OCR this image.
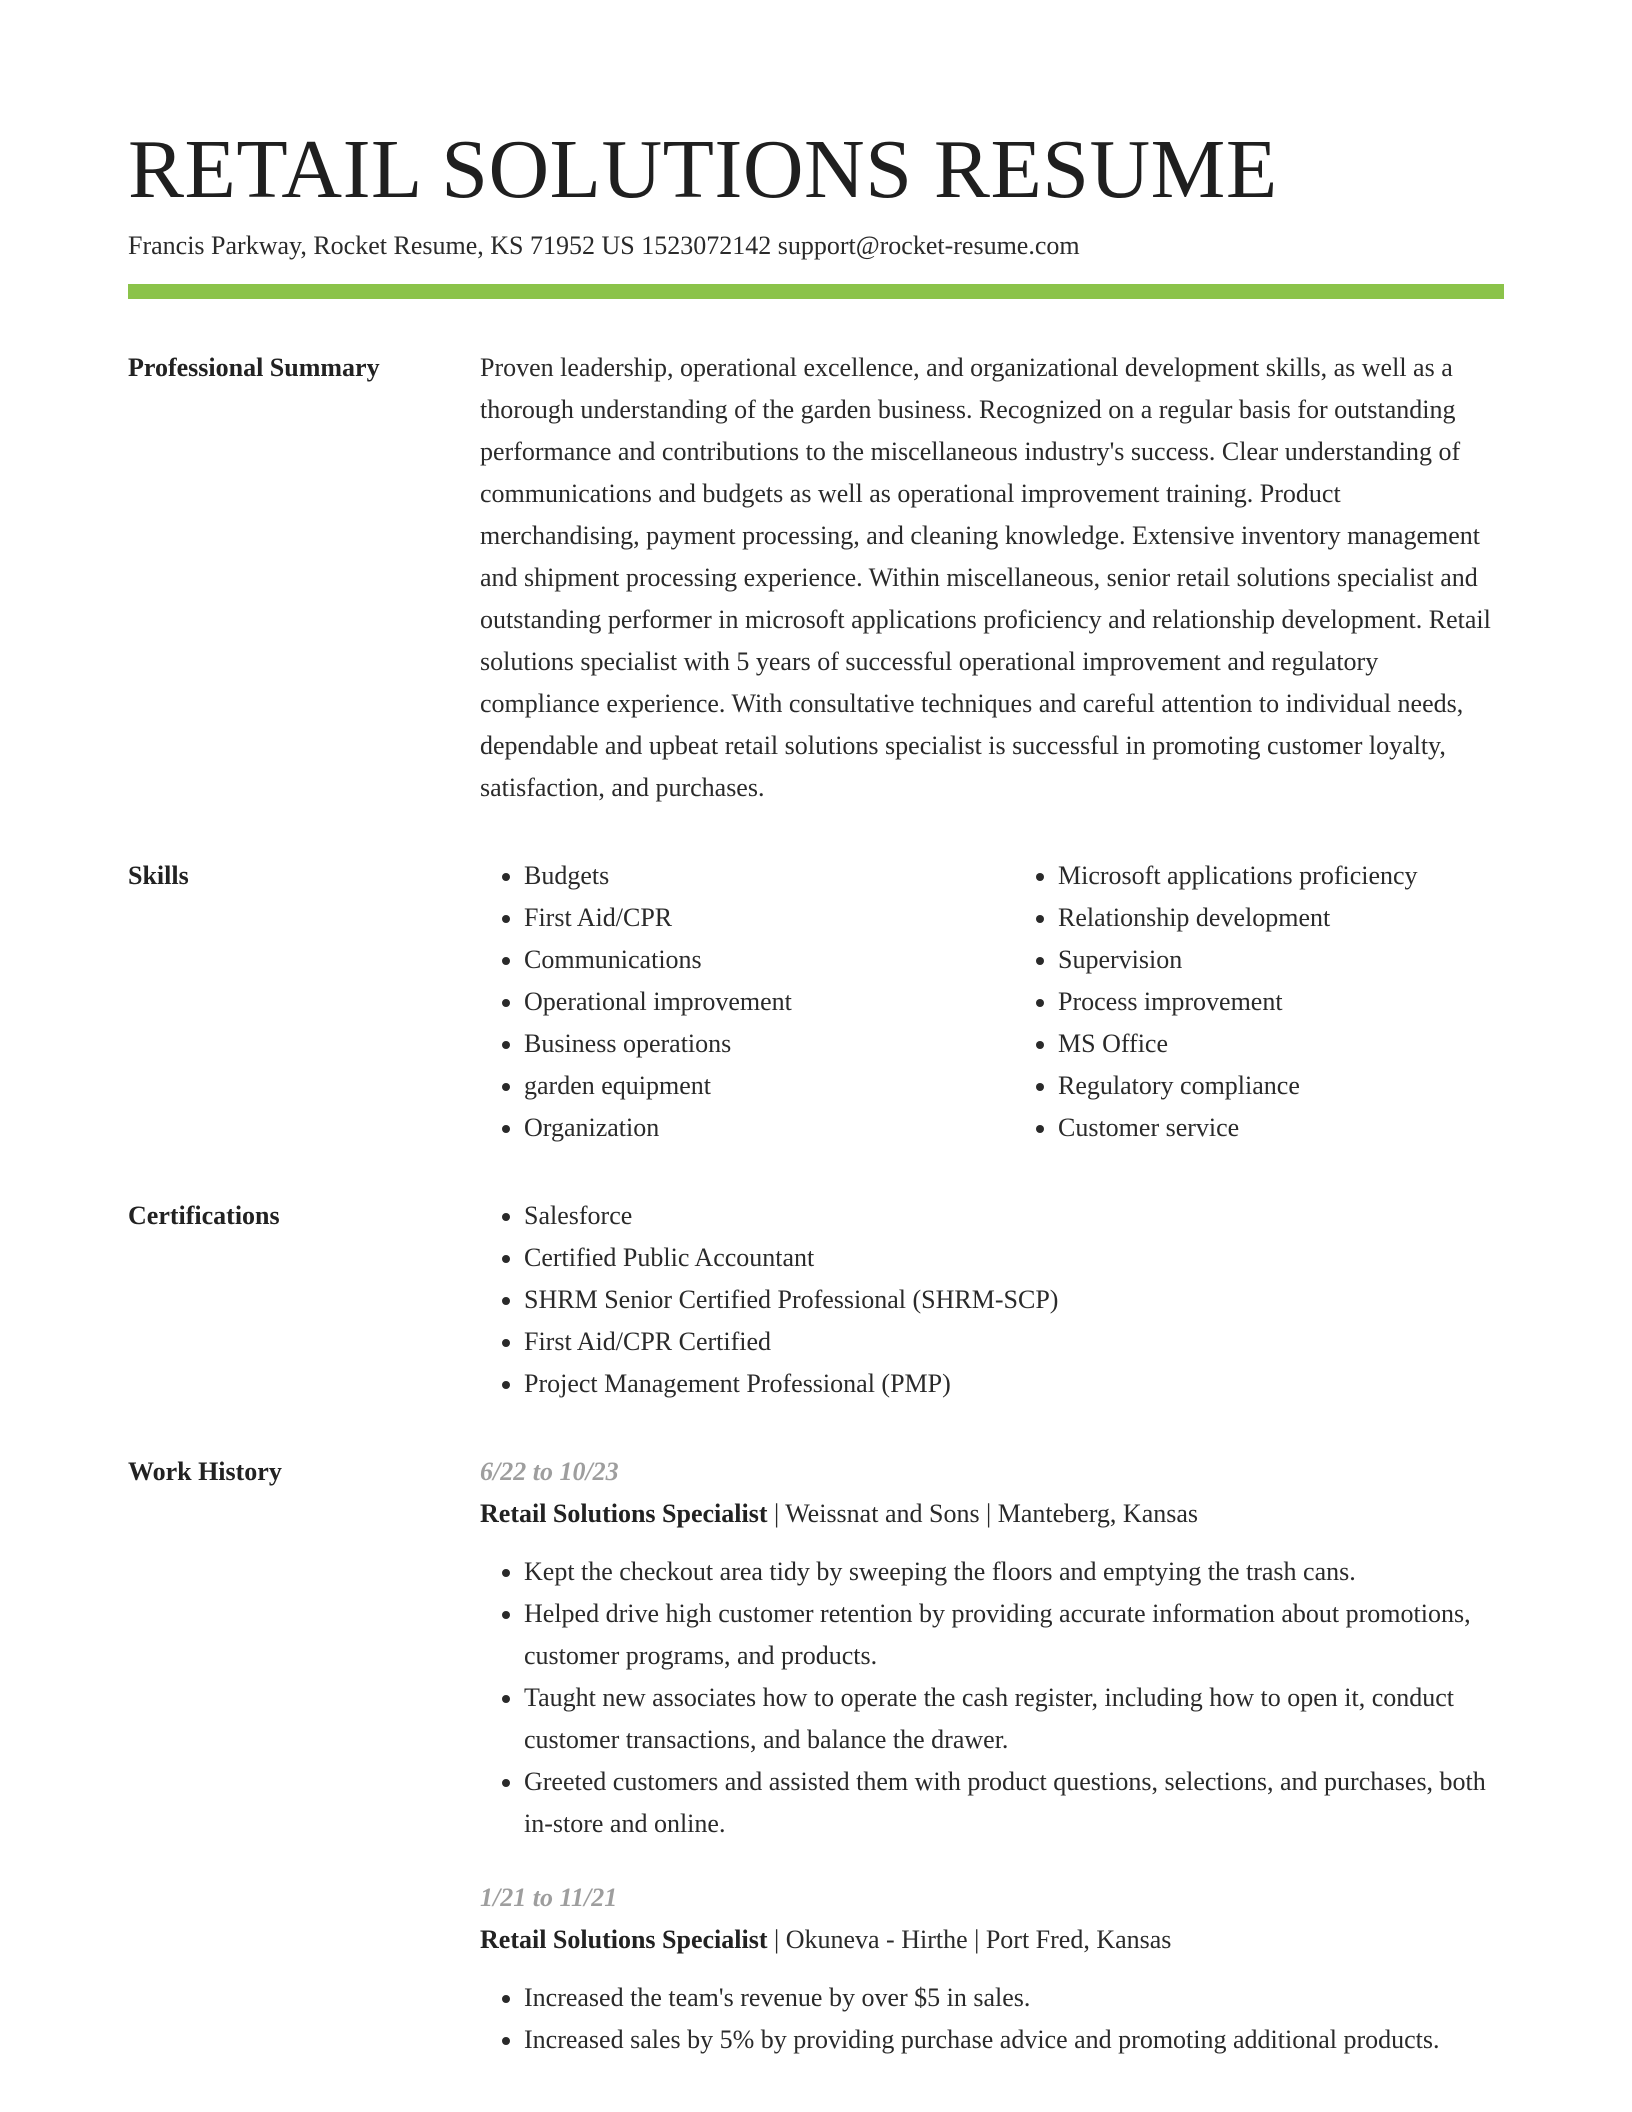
RETAIL SOLUTIONS RESUME
Francis Parkway, Rocket Resume, KS 71952 US 1523072142 support@rocket-resume.com
Professional Summary	Proven leadership, operational excellence, and organizational development skills, as well as a thorough understanding of the garden business. Recognized on a regular basis for outstanding performance and contributions to the miscellaneous industry's success. Clear understanding of communications and budgets as well as operational improvement training. Product merchandising, payment processing, and cleaning knowledge. Extensive inventory management and shipment processing experience. Within miscellaneous, senior retail solutions specialist and outstanding performer in microsoft applications proficiency and relationship development. Retail solutions specialist with 5 years of successful operational improvement and regulatory compliance experience. With consultative techniques and careful attention to individual needs, dependable and upbeat retail solutions specialist is successful in promoting customer loyalty, satisfaction, and purchases.

Skills	• Budgets
• First Aid/CPR
• Communications
• Operational improvement
• Business operations
• garden equipment
• Organization
• Microsoft applications proficiency
• Relationship development
• Supervision
• Process improvement
• MS Office
• Regulatory compliance
• Customer service
Certifications	• Salesforce
• Certified Public Accountant
• SHRM Senior Certified Professional (SHRM-SCP)
• First Aid/CPR Certified
• Project Management Professional (PMP)
Work History	6/22 to 10/23
Retail Solutions Specialist | Weissnat and Sons | Manteberg, Kansas
• Kept the checkout area tidy by sweeping the floors and emptying the trash cans.
• Helped drive high customer retention by providing accurate information about promotions, customer programs, and products.
• Taught new associates how to operate the cash register, including how to open it, conduct customer transactions, and balance the drawer.
• Greeted customers and assisted them with product questions, selections, and purchases, both in-store and online.
1/21 to 11/21
Retail Solutions Specialist | Okuneva - Hirthe | Port Fred, Kansas
• Increased the team's revenue by over $5 in sales.
• Increased sales by 5% by providing purchase advice and promoting additional products.
